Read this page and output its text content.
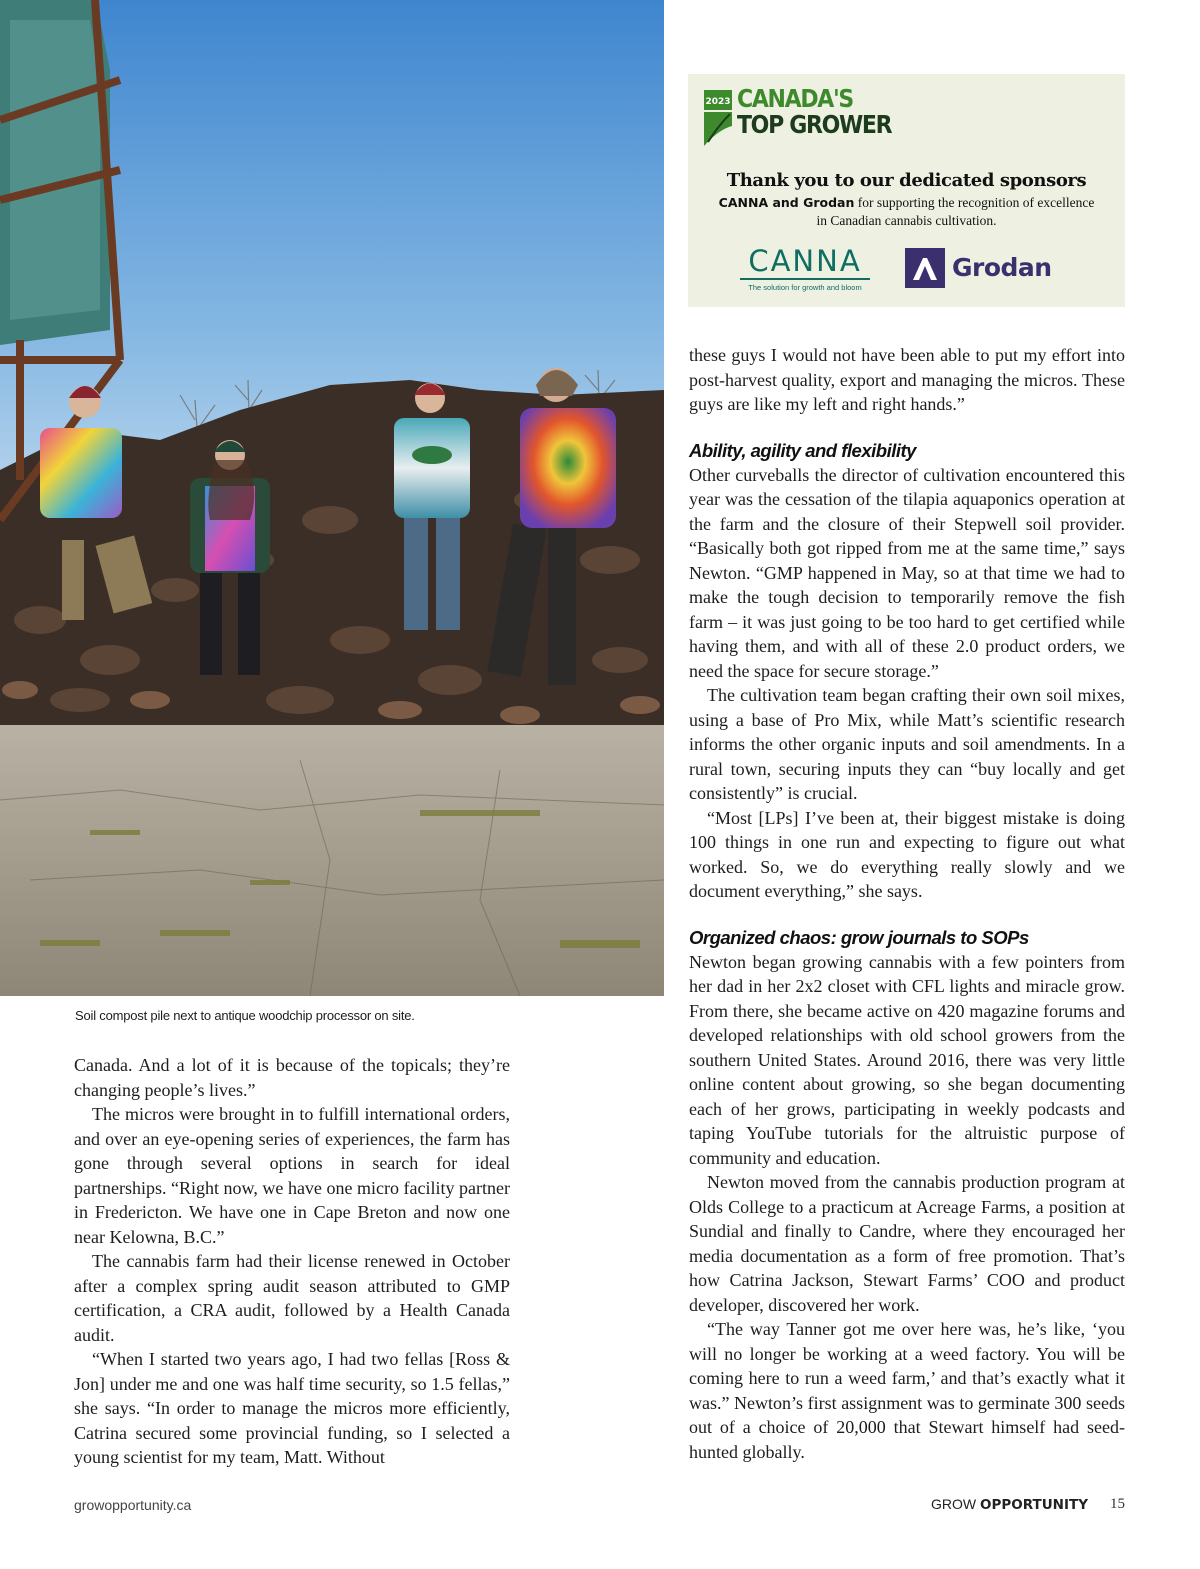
Soil compost pile next to antique woodchip processor on site.
2023 CANADA'S
TOP GROWER
Thank you to our dedicated sponsors
CANNA and Grodan for supporting the recognition of excellence in Canadian cannabis cultivation.
CANNA
The solution for growth and bloom
Grodan

Canada. And a lot of it is because of the topicals; they’re changing people’s lives.”

The micros were brought in to fulfill international orders, and over an eye-opening series of experiences, the farm has gone through several options in search for ideal partnerships. “Right now, we have one micro facility partner in Fredericton. We have one in Cape Breton and now one near Kelowna, B.C.”

The cannabis farm had their license renewed in October after a complex spring audit season attributed to GMP certification, a CRA audit, followed by a Health Canada audit.

“When I started two years ago, I had two fellas [Ross & Jon] under me and one was half time security, so 1.5 fellas,” she says. “In order to manage the micros more efficiently, Catrina secured some provincial funding, so I selected a young scientist for my team, Matt. Without

these guys I would not have been able to put my effort into post-harvest quality, export and managing the micros. These guys are like my left and right hands.”

Ability, agility and flexibility

Other curveballs the director of cultivation encountered this year was the cessation of the tilapia aquaponics operation at the farm and the closure of their Stepwell soil provider. “Basically both got ripped from me at the same time,” says Newton. “GMP happened in May, so at that time we had to make the tough decision to temporarily remove the fish farm – it was just going to be too hard to get certified while having them, and with all of these 2.0 product orders, we need the space for secure storage.”

The cultivation team began crafting their own soil mixes, using a base of Pro Mix, while Matt’s scientific research informs the other organic inputs and soil amendments. In a rural town, securing inputs they can “buy locally and get consistently” is crucial.

“Most [LPs] I’ve been at, their biggest mistake is doing 100 things in one run and expecting to figure out what worked. So, we do everything really slowly and we document everything,” she says.

Organized chaos: grow journals to SOPs

Newton began growing cannabis with a few pointers from her dad in her 2x2 closet with CFL lights and miracle grow. From there, she became active on 420 magazine forums and developed relationships with old school growers from the southern United States. Around 2016, there was very little online content about growing, so she began documenting each of her grows, participating in weekly podcasts and taping YouTube tutorials for the altruistic purpose of community and education.

Newton moved from the cannabis production program at Olds College to a practicum at Acreage Farms, a position at Sundial and finally to Candre, where they encouraged her media documentation as a form of free promotion. That’s how Catrina Jackson, Stewart Farms’ COO and product developer, discovered her work.

“The way Tanner got me over here was, he’s like, ‘you will no longer be working at a weed factory. You will be coming here to run a weed farm,’ and that’s exactly what it was.” Newton’s first assignment was to germinate 300 seeds out of a choice of 20,000 that Stewart himself had seed-hunted globally.

growopportunity.ca	GROW OPPORTUNITY 15
